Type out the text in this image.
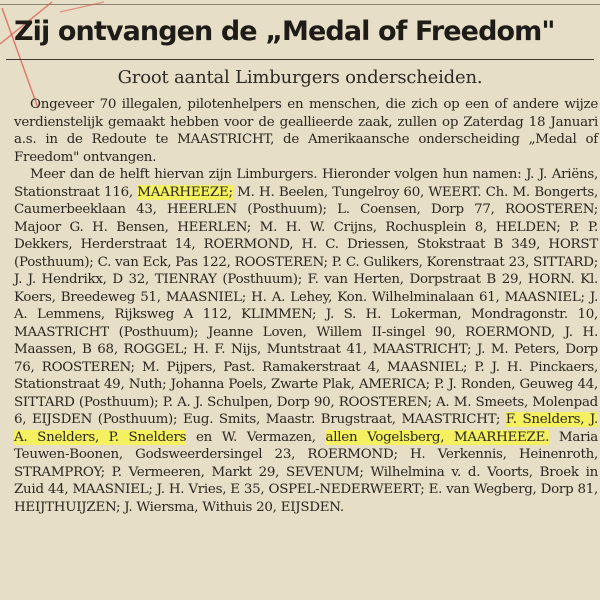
Zij ontvangen de „Medal of Freedom"
Groot aantal Limburgers onderscheiden.

Ongeveer 70 illegalen, pilotenhelpers en menschen, die zich op een of andere wijze verdienstelijk gemaakt hebben voor de geallieerde zaak, zullen op Zaterdag 18 Januari a.s. in de Redoute te MAASTRICHT, de Amerikaansche onderscheiding „Medal of Freedom" ontvangen.

Meer dan de helft hiervan zijn Limburgers. Hieronder volgen hun namen: J. J. Ariëns, Stationstraat 116, MAARHEEZE; M. H. Beelen, Tungelroy 60, WEERT. Ch. M. Bongerts, Caumerbeeklaan 43, HEERLEN (Posthuum); L. Coensen, Dorp 77, ROOSTEREN; Majoor G. H. Bensen, HEERLEN; M. H. W. Crijns, Rochusplein 8, HELDEN; P. P. Dekkers, Herderstraat 14, ROERMOND, H. C. Driessen, Stokstraat B 349, HORST (Posthuum); C. van Eck, Pas 122, ROOSTEREN; P. C. Gulikers, Korenstraat 23, SITTARD; J. J. Hendrikx, D 32, TIENRAY (Posthuum); F. van Herten, Dorpstraat B 29, HORN. Kl. Koers, Breedeweg 51, MAASNIEL; H. A. Lehey, Kon. Wilhelminalaan 61, MAASNIEL; J. A. Lemmens, Rijksweg A 112, KLIMMEN; J. S. H. Lokerman, Mondragonstr. 10, MAASTRICHT (Posthuum); Jeanne Loven, Willem II-singel 90, ROERMOND, J. H. Maassen, B 68, ROGGEL; H. F. Nijs, Muntstraat 41, MAASTRICHT; J. M. Peters, Dorp 76, ROOSTEREN; M. Pijpers, Past. Ramakerstraat 4, MAASNIEL; P. J. H. Pinckaers, Stationstraat 49, Nuth; Johanna Poels, Zwarte Plak, AMERICA; P. J. Ronden, Geuweg 44, SITTARD (Posthuum); P. A. J. Schulpen, Dorp 90, ROOSTEREN; A. M. Smeets, Molenpad 6, EIJSDEN (Posthuum); Eug. Smits, Maastr. Brugstraat, MAASTRICHT; F. Snelders, J. A. Snelders, P. Snelders en W. Vermazen, allen Vogelsberg, MAARHEEZE. Maria Teuwen-Boonen, Godsweerdersingel 23, ROERMOND; H. Verkennis, Heinenroth, STRAMPROY; P. Vermeeren, Markt 29, SEVENUM; Wilhelmina v. d. Voorts, Broek in Zuid 44, MAASNIEL; J. H. Vries, E 35, OSPEL-NEDERWEERT; E. van Wegberg, Dorp 81, HEIJTHUIJZEN; J. Wiersma, Withuis 20, EIJSDEN.
